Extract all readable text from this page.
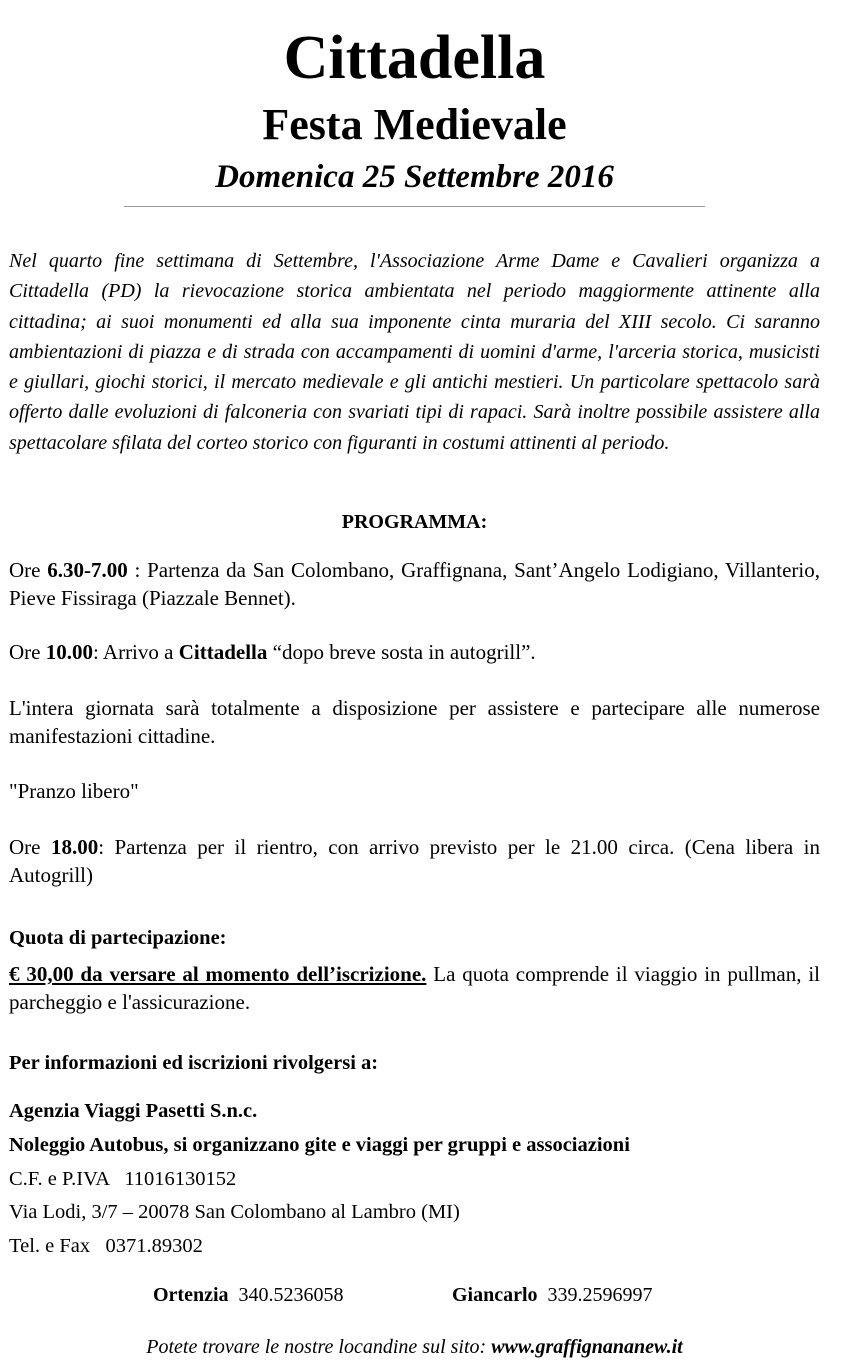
Cittadella
Festa Medievale
Domenica 25 Settembre 2016

Nel quarto fine settimana di Settembre, l'Associazione Arme Dame e Cavalieri organizza a Cittadella (PD) la rievocazione storica ambientata nel periodo maggiormente attinente alla cittadina; ai suoi monumenti ed alla sua imponente cinta muraria del XIII secolo. Ci saranno ambientazioni di piazza e di strada con accampamenti di uomini d'arme, l'arceria storica, musicisti e giullari, giochi storici, il mercato medievale e gli antichi mestieri. Un particolare spettacolo sarà offerto dalle evoluzioni di falconeria con svariati tipi di rapaci. Sarà inoltre possibile assistere alla spettacolare sfilata del corteo storico con figuranti in costumi attinenti al periodo.

PROGRAMMA:

Ore 6.30-7.00 : Partenza da San Colombano, Graffignana, Sant’Angelo Lodigiano, Villanterio, Pieve Fissiraga (Piazzale Bennet).

Ore 10.00: Arrivo a Cittadella “dopo breve sosta in autogrill”.

L'intera giornata sarà totalmente a disposizione per assistere e partecipare alle numerose manifestazioni cittadine.

"Pranzo libero"

Ore 18.00: Partenza per il rientro, con arrivo previsto per le 21.00 circa. (Cena libera in Autogrill)

Quota di partecipazione:

€ 30,00 da versare al momento dell’iscrizione. La quota comprende il viaggio in pullman, il parcheggio e l'assicurazione.

Per informazioni ed iscrizioni rivolgersi a:
Agenzia Viaggi Pasetti S.n.c.
Noleggio Autobus, si organizzano gite e viaggi per gruppi e associazioni
C.F. e P.IVA   11016130152
Via Lodi, 3/7 – 20078 San Colombano al Lambro (MI)
Tel. e Fax   0371.89302
Ortenzia 340.5236058	Giancarlo 339.2596997
Potete trovare le nostre locandine sul sito: www.graffignananew.it
